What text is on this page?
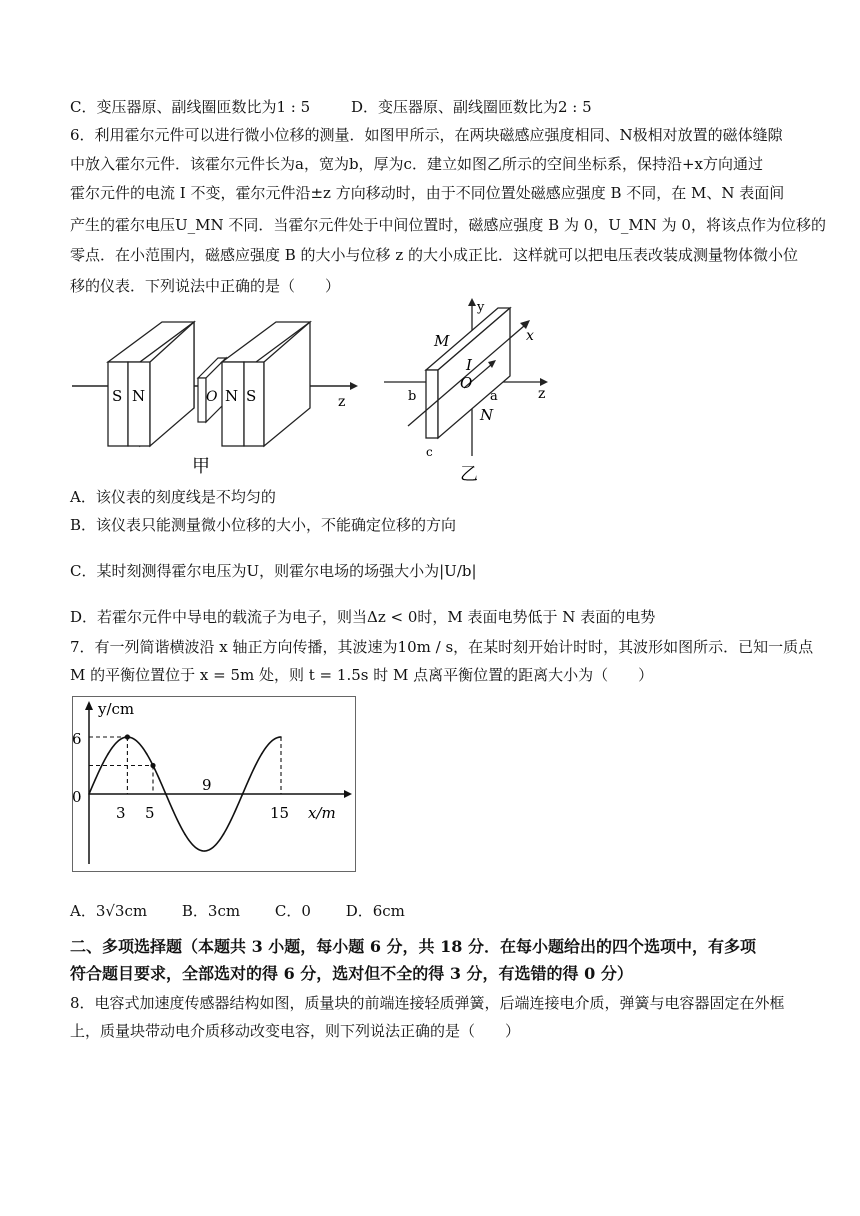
C．变压器原、副线圈匝数比为1 : 5	D．变压器原、副线圈匝数比为2 : 5
6．利用霍尔元件可以进行微小位移的测量．如图甲所示，在两块磁感应强度相同、N极相对放置的磁体缝隙
中放入霍尔元件．该霍尔元件长为a，宽为b，厚为c．建立如图乙所示的空间坐标系，保持沿+x方向通过
霍尔元件的电流 I 不变，霍尔元件沿±z 方向移动时，由于不同位置处磁感应强度 B 不同，在 M、N 表面间
产生的霍尔电压U_MN 不同．当霍尔元件处于中间位置时，磁感应强度 B 为 0，U_MN 为 0，将该点作为位移的
零点．在小范围内，磁感应强度 B 的大小与位移 z 的大小成正比．这样就可以把电压表改装成测量物体微小位
移的仪表．下列说法中正确的是（　　）
S N	O N S	z
甲
y
M	x
I
O
a	z
b
N
c
乙
A．该仪表的刻度线是不均匀的
B．该仪表只能测量微小位移的大小，不能确定位移的方向
C．某时刻测得霍尔电压为U，则霍尔电场的场强大小为|U/b|
D．若霍尔元件中导电的载流子为电子，则当Δz < 0时，M 表面电势低于 N 表面的电势
7．有一列简谐横波沿 x 轴正方向传播，其波速为10m / s，在某时刻开始计时时，其波形如图所示．已知一质点
M 的平衡位置位于 x = 5m 处，则 t = 1.5s 时 M 点离平衡位置的距离大小为（　　）
y/cm
x/m
6
0
3 5
9
15
A．3√3cm B．3cm C．0 D．6cm
二、多项选择题（本题共 3 小题，每小题 6 分，共 18 分．在每小题给出的四个选项中，有多项
符合题目要求，全部选对的得 6 分，选对但不全的得 3 分，有选错的得 0 分）
8．电容式加速度传感器结构如图，质量块的前端连接轻质弹簧，后端连接电介质，弹簧与电容器固定在外框
上，质量块带动电介质移动改变电容，则下列说法正确的是（　　）
